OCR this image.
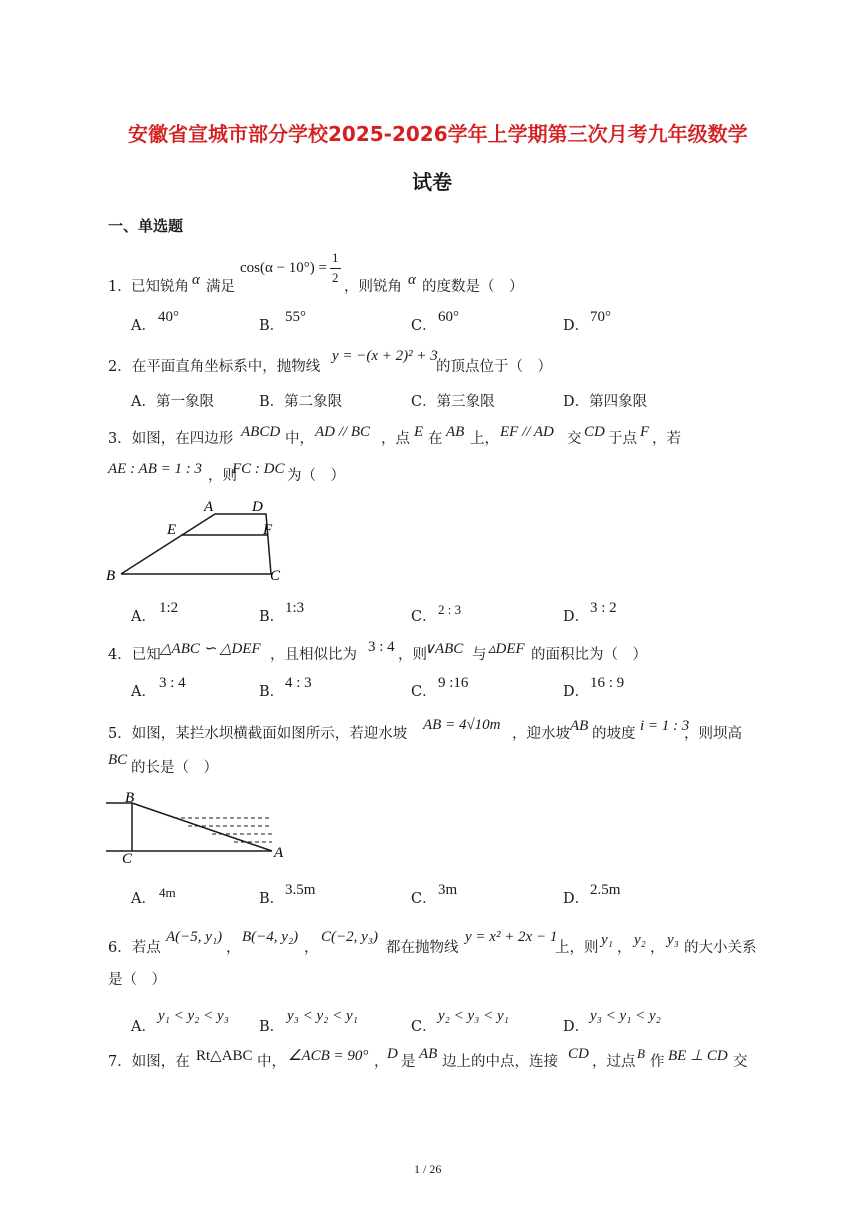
安徽省宣城市部分学校2025-2026学年上学期第三次月考九年级数学
试卷
一、单选题
1． 已知锐角 α 满足
cos(α − 10°) =
1
2
，则锐角 α 的度数是（　）
A．
40°
B．
55°
C．
60°
D．
70°
2．在平面直角坐标系中，抛物线
y = −(x + 2)² + 3
的顶点位于（　）
A．第一象限	B．第二象限	C．第三象限	D．第四象限
3．如图，在四边形 ABCD 中， AD // BC ，点 E 在 AB 上， EF // AD 交 CD 于点 F ，若
AE : AB = 1 : 3 ，则
FC : DC 为（　）
A	D
E	F
B	C
A．
1:2
B．
1:3
C． 2 : 3	D．
3 : 2
4．已知 △ABC ∽ △DEF ，且相似比为 3 : 4 ，则
∨ABC 与 ▵DEF 的面积比为（　）
A．
3 : 4
B．
4 : 3
C．
9 :16
D．
16 : 9
5．如图，某拦水坝横截面如图所示，若迎水坡
AB = 4√10m
，迎水坡 AB 的坡度 i = 1 : 3
，则坝高
BC 的长是（　）
B
C	A
A． 4m	B．
3.5m
C．
3m
D．
2.5m
6．若点
A(−5, y₁)
，
B(−4, y₂)
，
C(−2, y₃)
都在抛物线
y = x² + 2x − 1
上，则 y₁ ， y₂ ， y₃ 的大小关系
是（　）
A．
y₁ < y₂ < y₃
B．
y₃ < y₂ < y₁
C．
y₂ < y₃ < y₁
D．
y₃ < y₁ < y₂
7．如图，在 Rt△ABC 中， ∠ACB = 90° ，
D 是 AB 边上的中点，连接 CD ，过点
B
作 BE ⊥ CD 交
1 / 26
